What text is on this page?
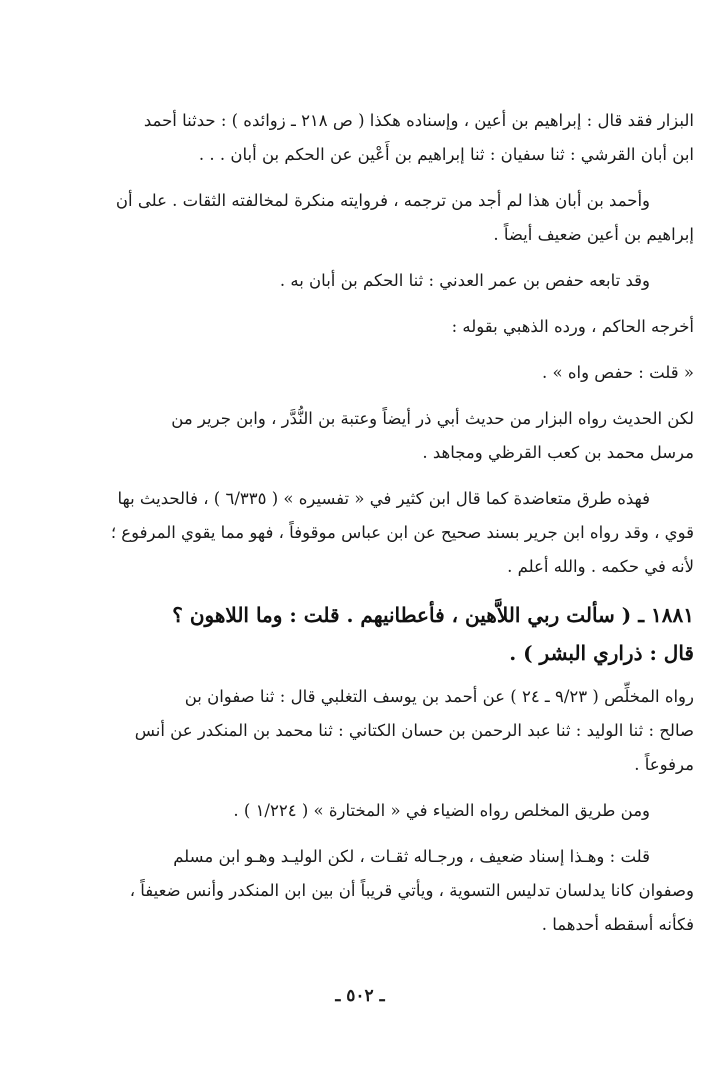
البزار فقد قال : إبراهيم بن أعين ، وإسناده هكذا ( ص ٢١٨ ـ زوائده ) : حدثنا أحمد
ابن أبان القرشي : ثنا سفيان : ثنا إبراهيم بن أَعْين عن الحكم بن أبان . . .
وأحمد بن أبان هذا لم أجد من ترجمه ، فروايته منكرة لمخالفته الثقات . على أن
إبراهيم بن أعين ضعيف أيضاً .
وقد تابعه حفص بن عمر العدني : ثنا الحكم بن أبان به .
أخرجه الحاكم ، ورده الذهبي بقوله :
« قلت : حفص واه » .
لكن الحديث رواه البزار من حديث أبي ذر أيضاً وعتبة بن النُّدَّر ، وابن جرير من
مرسل محمد بن كعب القرظي ومجاهد .
فهذه طرق متعاضدة كما قال ابن كثير في « تفسيره » ( ٦/٣٣٥ ) ، فالحديث بها
قوي ، وقد رواه ابن جرير بسند صحيح عن ابن عباس موقوفاً ، فهو مما يقوي المرفوع ؛
لأنه في حكمه . والله أعلم .
١٨٨١ ـ ( سألت ربي اللاَّهين ، فأعطانيهم . قلت : وما اللاهون ؟
قال : ذراري البشر ) .
رواه المخلِّص ( ٩/٢٣ ـ ٢٤ ) عن أحمد بن يوسف التغلبي قال : ثنا صفوان بن
صالح : ثنا الوليد : ثنا عبد الرحمن بن حسان الكتاني : ثنا محمد بن المنكدر عن أنس
مرفوعاً .
ومن طريق المخلص رواه الضياء في « المختارة » ( ١/٢٢٤ ) .
قلت : وهـذا إسناد ضعيف ، ورجـاله ثقـات ، لكن الوليـد وهـو ابن مسلم
وصفوان كانا يدلسان تدليس التسوية ، ويأتي قريباً أن بين ابن المنكدر وأنس ضعيفاً ،
فكأنه أسقطه أحدهما .
ـ ٥٠٢ ـ
